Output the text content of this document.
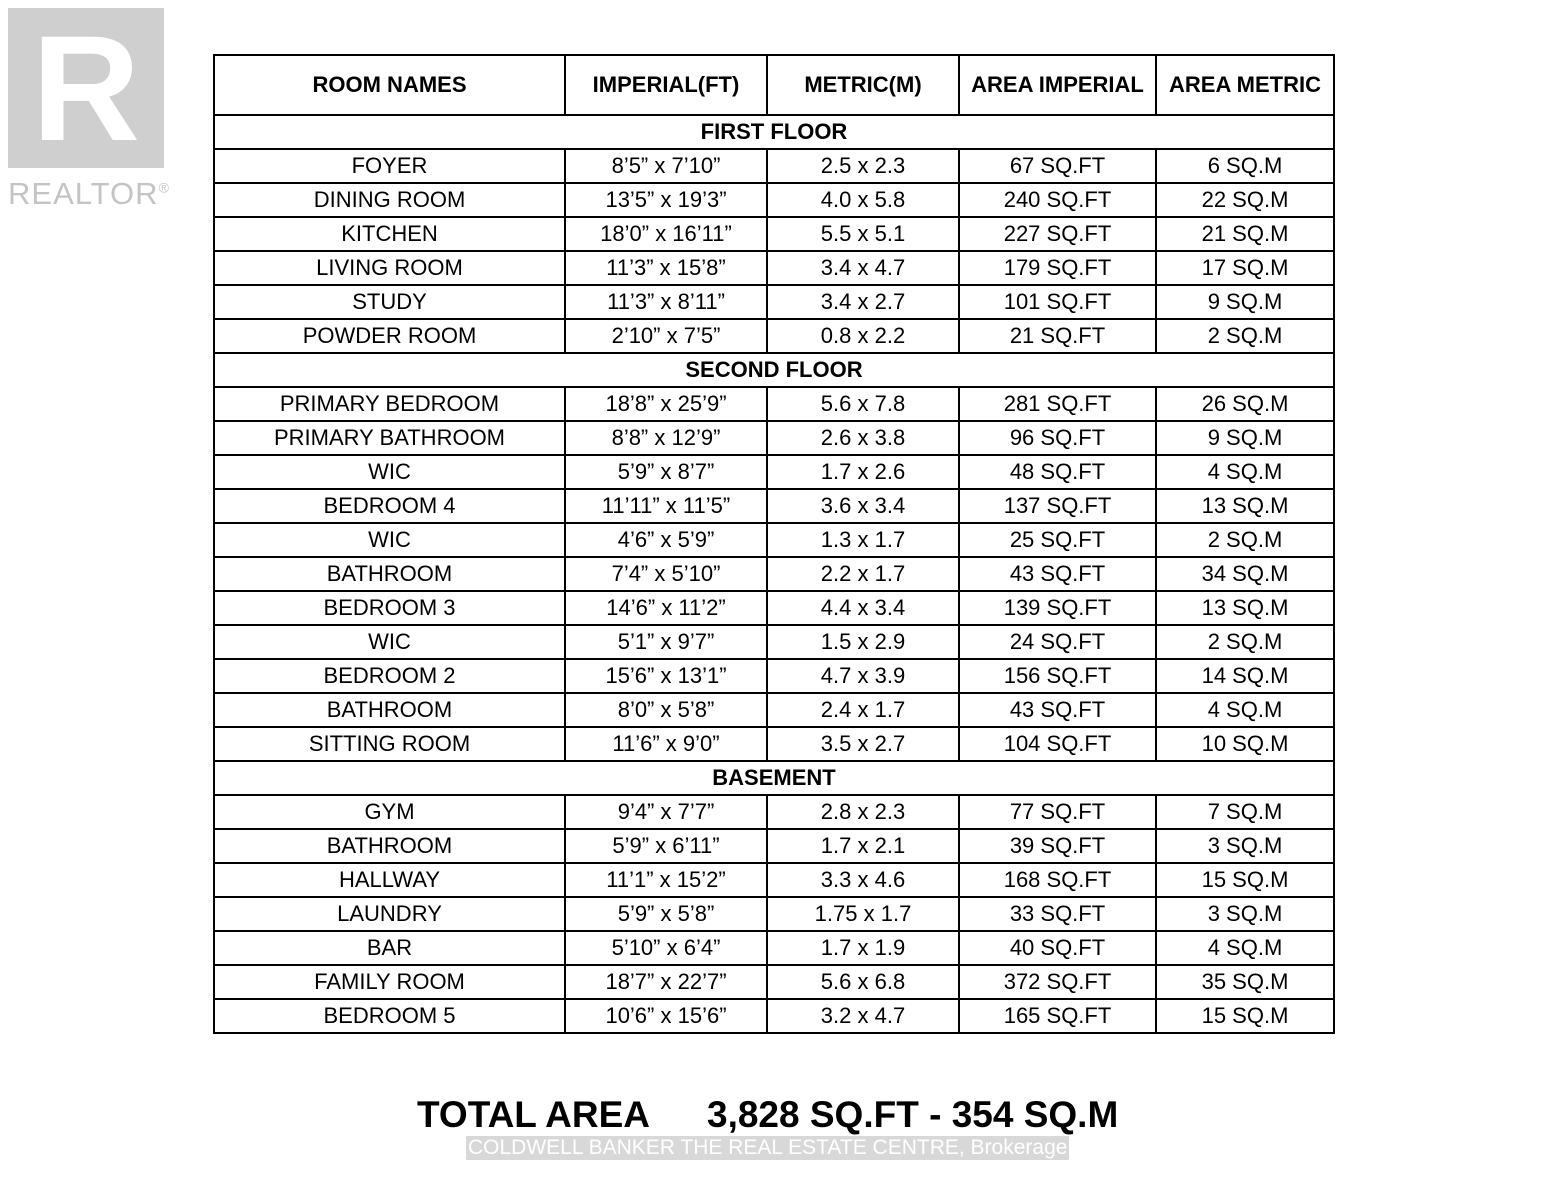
R
REALTOR®
ROOM NAMES	IMPERIAL(FT)	METRIC(M)	AREA IMPERIAL	AREA METRIC
FIRST FLOOR				
FOYER	8’5” x 7’10”	2.5 x 2.3	67 SQ.FT	6 SQ.M
DINING ROOM	13’5” x 19’3”	4.0 x 5.8	240 SQ.FT	22 SQ.M
KITCHEN	18’0” x 16’11”	5.5 x 5.1	227 SQ.FT	21 SQ.M
LIVING ROOM	11’3” x 15’8”	3.4 x 4.7	179 SQ.FT	17 SQ.M
STUDY	11’3” x 8’11”	3.4 x 2.7	101 SQ.FT	9 SQ.M
POWDER ROOM	2’10” x 7’5”	0.8 x 2.2	21 SQ.FT	2 SQ.M
SECOND FLOOR				
PRIMARY BEDROOM	18’8” x 25’9”	5.6 x 7.8	281 SQ.FT	26 SQ.M
PRIMARY BATHROOM	8’8” x 12’9”	2.6 x 3.8	96 SQ.FT	9 SQ.M
WIC	5’9” x 8’7”	1.7 x 2.6	48 SQ.FT	4 SQ.M
BEDROOM 4	11’11” x 11’5”	3.6 x 3.4	137 SQ.FT	13 SQ.M
WIC	4’6” x 5’9”	1.3 x 1.7	25 SQ.FT	2 SQ.M
BATHROOM	7’4” x 5’10”	2.2 x 1.7	43 SQ.FT	34 SQ.M
BEDROOM 3	14’6” x 11’2”	4.4 x 3.4	139 SQ.FT	13 SQ.M
WIC	5’1” x 9’7”	1.5 x 2.9	24 SQ.FT	2 SQ.M
BEDROOM 2	15’6” x 13’1”	4.7 x 3.9	156 SQ.FT	14 SQ.M
BATHROOM	8’0” x 5’8”	2.4 x 1.7	43 SQ.FT	4 SQ.M
SITTING ROOM	11’6” x 9’0”	3.5 x 2.7	104 SQ.FT	10 SQ.M
BASEMENT				
GYM	9’4” x 7’7”	2.8 x 2.3	77 SQ.FT	7 SQ.M
BATHROOM	5’9” x 6’11”	1.7 x 2.1	39 SQ.FT	3 SQ.M
HALLWAY	11’1” x 15’2”	3.3 x 4.6	168 SQ.FT	15 SQ.M
LAUNDRY	5’9” x 5’8”	1.75 x 1.7	33 SQ.FT	3 SQ.M
BAR	5’10” x 6’4”	1.7 x 1.9	40 SQ.FT	4 SQ.M
FAMILY ROOM	18’7” x 22’7”	5.6 x 6.8	372 SQ.FT	35 SQ.M
BEDROOM 5	10’6” x 15’6”	3.2 x 4.7	165 SQ.FT	15 SQ.M
TOTAL AREA 3,828 SQ.FT - 354 SQ.M
COLDWELL BANKER THE REAL ESTATE CENTRE, Brokerage
